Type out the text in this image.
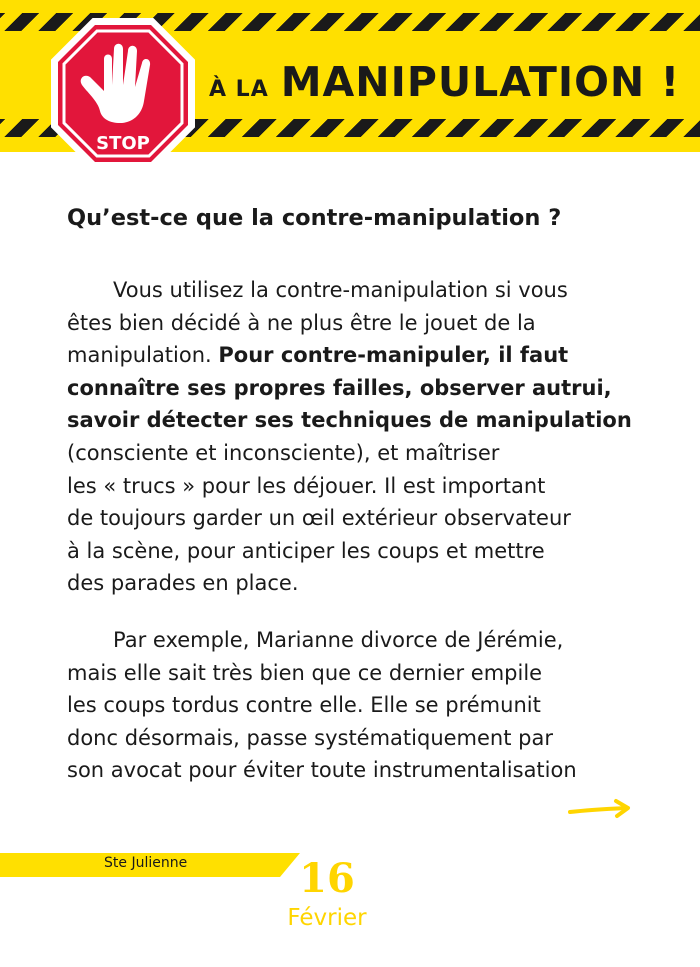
À LA MANIPULATION !
STOP
Qu’est-ce que la contre-manipulation ?
Vous utilisez la contre-manipulation si vous
êtes bien décidé à ne plus être le jouet de la
manipulation. Pour contre-manipuler, il faut
connaître ses propres failles, observer autrui,
savoir détecter ses techniques de manipulation
(consciente et inconsciente), et maîtriser
les « trucs » pour les déjouer. Il est important
de toujours garder un œil extérieur observateur
à la scène, pour anticiper les coups et mettre
des parades en place.
Par exemple, Marianne divorce de Jérémie,
mais elle sait très bien que ce dernier empile
les coups tordus contre elle. Elle se prémunit
donc désormais, passe systématiquement par
son avocat pour éviter toute instrumentalisation
Ste Julienne	16
Février
